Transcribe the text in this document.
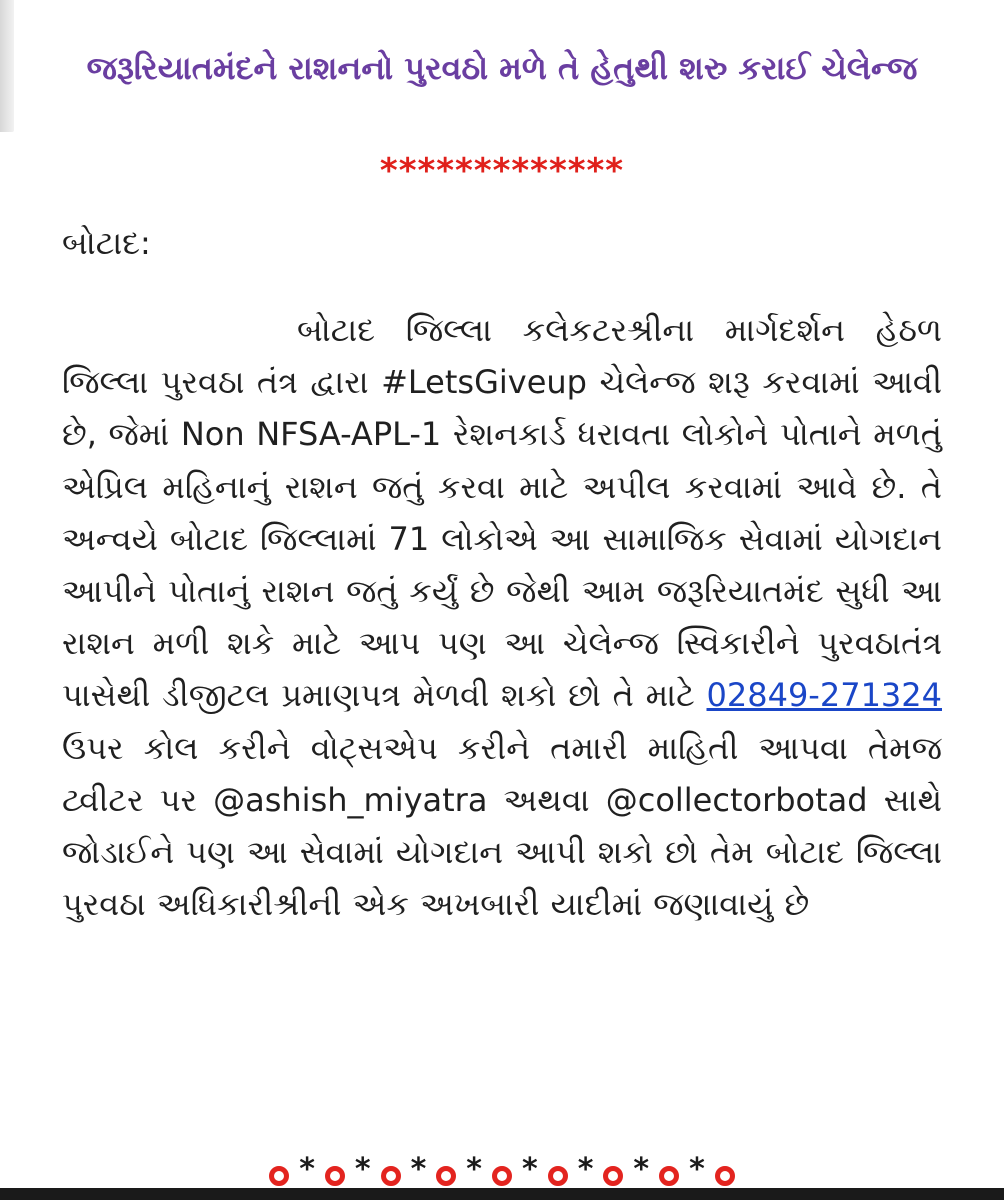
જરૂરિયાતમંદને રાશનનો પુરવઠો મળે તે હેતુથી શરુ કરાઈ ચેલેન્જ
*************
બોટાદ:
બોટાદ જિલ્લા કલેકટરશ્રીના માર્ગદર્શન હેઠળ જિલ્લા પુરવઠા તંત્ર દ્વારા #LetsGiveup ચેલેન્જ શરૂ કરવામાં આવી છે, જેમાં Non NFSA-APL-1 રેશનકાર્ડ ધરાવતા લોકોને પોતાને મળતું એપ્રિલ મહિનાનું રાશન જતું કરવા માટે અપીલ કરવામાં આવે છે. તે અન્વયે બોટાદ જિલ્લામાં 71 લોકોએ આ સામાજિક સેવામાં યોગદાન આપીને પોતાનું રાશન જતું કર્યું છે જેથી આમ જરૂરિયાતમંદ સુધી આ રાશન મળી શકે માટે આપ પણ આ ચેલેન્જ સ્વિકારીને પુરવઠાતંત્ર પાસેથી ડીજીટલ પ્રમાણપત્ર મેળવી શકો છો તે માટે 02849-271324 ઉપર કોલ કરીને વોટ્સએપ કરીને તમારી માહિતી આપવા તેમજ ટ્વીટર પર @ashish_miyatra અથવા @collectorbotad સાથે જોડાઈને પણ આ સેવામાં યોગદાન આપી શકો છો તેમ બોટાદ જિલ્લા પુરવઠા અધિકારીશ્રીની એક અખબારી યાદીમાં જણાવાયું છે
* * * * * * * *
